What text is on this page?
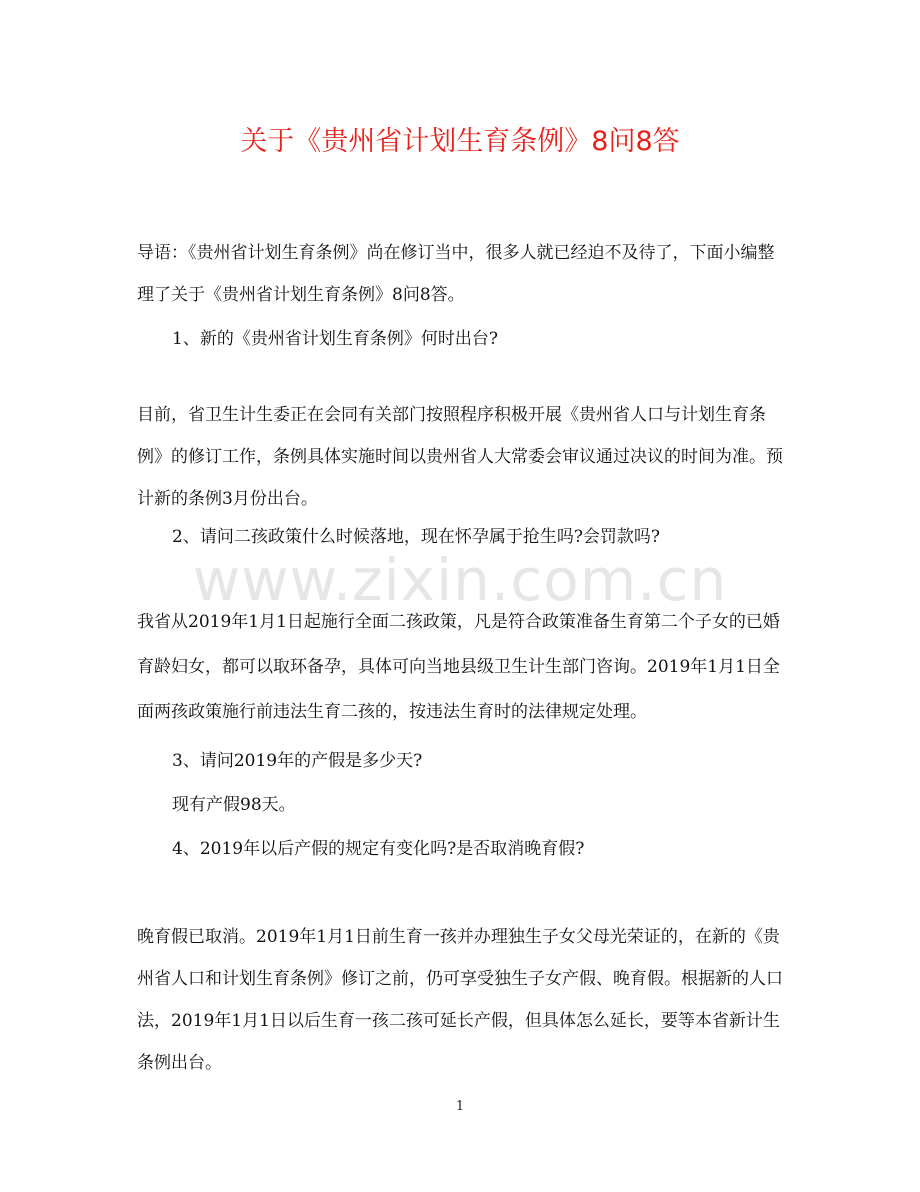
关于《贵州省计划生育条例》8问8答
www.zixin.com.cn

导语：《贵州省计划生育条例》尚在修订当中，很多人就已经迫不及待了，下面小编整理了关于《贵州省计划生育条例》8问8答。

1、新的《贵州省计划生育条例》何时出台?

目前，省卫生计生委正在会同有关部门按照程序积极开展《贵州省人口与计划生育条例》的修订工作，条例具体实施时间以贵州省人大常委会审议通过决议的时间为准。预计新的条例3月份出台。

2、请问二孩政策什么时候落地，现在怀孕属于抢生吗?会罚款吗?

我省从2019年1月1日起施行全面二孩政策，凡是符合政策准备生育第二个子女的已婚育龄妇女，都可以取环备孕，具体可向当地县级卫生计生部门咨询。2019年1月1日全面两孩政策施行前违法生育二孩的，按违法生育时的法律规定处理。

3、请问2019年的产假是多少天?

现有产假98天。

4、2019年以后产假的规定有变化吗?是否取消晚育假?

晚育假已取消。2019年1月1日前生育一孩并办理独生子女父母光荣证的，在新的《贵州省人口和计划生育条例》修订之前，仍可享受独生子女产假、晚育假。根据新的人口法，2019年1月1日以后生育一孩二孩可延长产假，但具体怎么延长，要等本省新计生条例出台。

1
